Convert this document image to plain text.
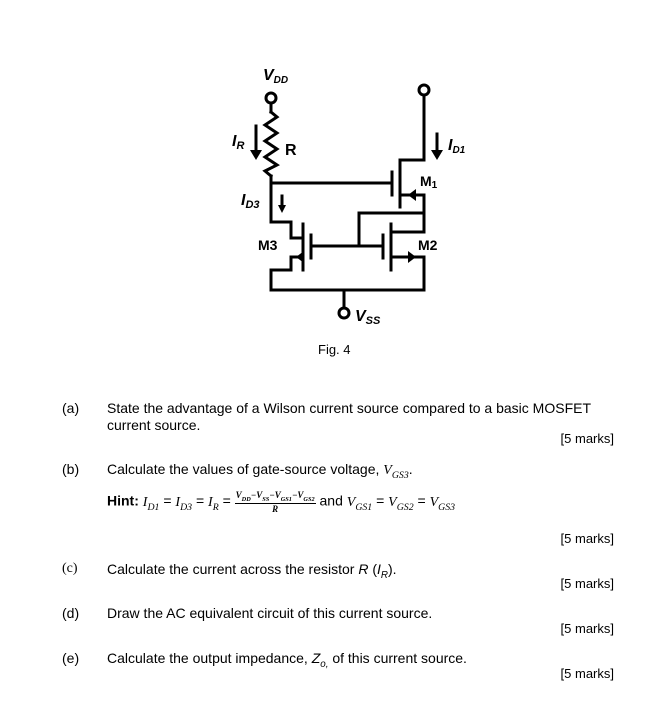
VDD
IR	R	ID1
M1
ID3
M3	M2
VSS
Fig. 4
(a) State the advantage of a Wilson current source compared to a basic MOSFET
current source.
[5 marks]
(b) Calculate the values of gate-source voltage, $V_{GS3}$.
Hint: $I_{D1} = I_{D3} = I_R = \frac{V_{DD}-V_{SS}-V_{GS1}-V_{GS2}}{R}$ and $V_{GS1} = V_{GS2} = V_{GS3}$
[5 marks]
(c) Calculate the current across the resistor R $(I_R)$.
[5 marks]
(d) Draw the AC equivalent circuit of this current source.
[5 marks]
(e) Calculate the output impedance, $Z_{o,}$ of this current source.
[5 marks]
